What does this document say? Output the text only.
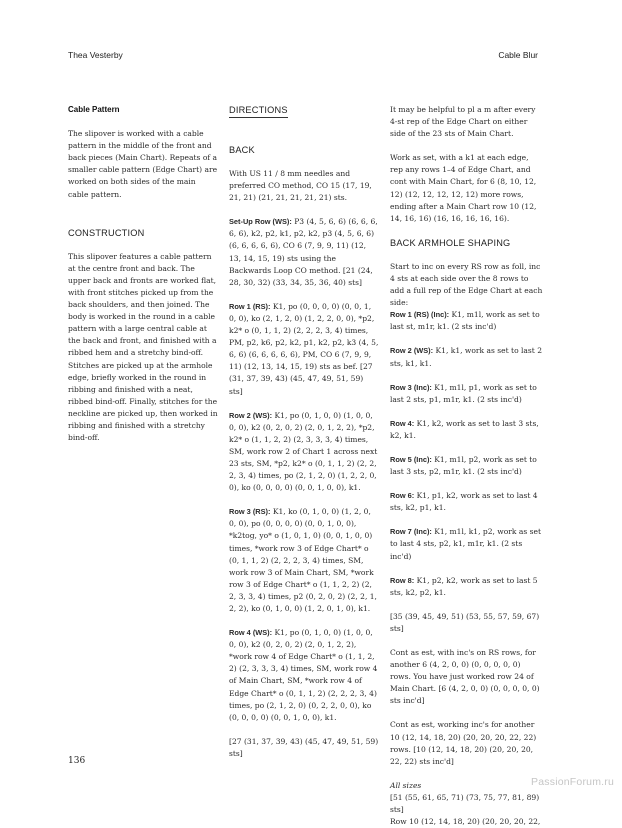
Thea Vesterby	Cable Blur

Cable Pattern

The slipover is worked with a cable pattern in the middle of the front and back pieces (Main Chart). Repeats of a smaller cable pattern (Edge Chart) are worked on both sides of the main cable pattern.

CONSTRUCTION

This slipover features a cable pattern at the centre front and back. The upper back and fronts are worked flat, with front stitches picked up from the back shoulders, and then joined. The body is worked in the round in a cable pattern with a large central cable at the back and front, and finished with a ribbed hem and a stretchy bind-off. Stitches are picked up at the armhole edge, briefly worked in the round in ribbing and finished with a neat, ribbed bind-off. Finally, stitches for the neckline are picked up, then worked in ribbing and finished with a stretchy bind-off.

DIRECTIONS
BACK

With US 11 / 8 mm needles and preferred CO method, CO 15 (17, 19, 21, 21) (21, 21, 21, 21, 21) sts.

Set-Up Row (WS): P3 (4, 5, 6, 6) (6, 6, 6, 6, 6), k2, p2, k1, p2, k2, p3 (4, 5, 6, 6) (6, 6, 6, 6, 6), CO 6 (7, 9, 9, 11) (12, 13, 14, 15, 19) sts using the Backwards Loop CO method. [21 (24, 28, 30, 32) (33, 34, 35, 36, 40) sts]

Row 1 (RS): K1, po (0, 0, 0, 0) (0, 0, 1, 0, 0), ko (2, 1, 2, 0) (1, 2, 2, 0, 0), *p2, k2* o (0, 1, 1, 2) (2, 2, 2, 3, 4) times, PM, p2, k6, p2, k2, p1, k2, p2, k3 (4, 5, 6, 6) (6, 6, 6, 6, 6), PM, CO 6 (7, 9, 9, 11) (12, 13, 14, 15, 19) sts as bef. [27 (31, 37, 39, 43) (45, 47, 49, 51, 59) sts]

Row 2 (WS): K1, po (0, 1, 0, 0) (1, 0, 0, 0, 0), k2 (0, 2, 0, 2) (2, 0, 1, 2, 2), *p2, k2* o (1, 1, 2, 2) (2, 3, 3, 3, 4) times, SM, work row 2 of Chart 1 across next 23 sts, SM, *p2, k2* o (0, 1, 1, 2) (2, 2, 2, 3, 4) times, po (2, 1, 2, 0) (1, 2, 2, 0, 0), ko (0, 0, 0, 0) (0, 0, 1, 0, 0), k1.

Row 3 (RS): K1, ko (0, 1, 0, 0) (1, 2, 0, 0, 0), po (0, 0, 0, 0) (0, 0, 1, 0, 0), *k2tog, yo* o (1, 0, 1, 0) (0, 0, 1, 0, 0) times, *work row 3 of Edge Chart* o (0, 1, 1, 2) (2, 2, 2, 3, 4) times, SM, work row 3 of Main Chart, SM, *work row 3 of Edge Chart* o (1, 1, 2, 2) (2, 2, 3, 3, 4) times, p2 (0, 2, 0, 2) (2, 2, 1, 2, 2), ko (0, 1, 0, 0) (1, 2, 0, 1, 0), k1.

Row 4 (WS): K1, po (0, 1, 0, 0) (1, 0, 0, 0, 0), k2 (0, 2, 0, 2) (2, 0, 1, 2, 2), *work row 4 of Edge Chart* o (1, 1, 2, 2) (2, 3, 3, 3, 4) times, SM, work row 4 of Main Chart, SM, *work row 4 of Edge Chart* o (0, 1, 1, 2) (2, 2, 2, 3, 4) times, po (2, 1, 2, 0) (0, 2, 2, 0, 0), ko (0, 0, 0, 0) (0, 0, 1, 0, 0), k1.

[27 (31, 37, 39, 43) (45, 47, 49, 51, 59) sts]

It may be helpful to pl a m after every 4-st rep of the Edge Chart on either side of the 23 sts of Main Chart.

Work as set, with a k1 at each edge, rep any rows 1–4 of Edge Chart, and cont with Main Chart, for 6 (8, 10, 12, 12) (12, 12, 12, 12, 12) more rows, ending after a Main Chart row 10 (12, 14, 16, 16) (16, 16, 16, 16, 16).

BACK ARMHOLE SHAPING

Start to inc on every RS row as foll, inc 4 sts at each side over the 8 rows to add a full rep of the Edge Chart at each side:

Row 1 (RS) (Inc): K1, m1l, work as set to last st, m1r, k1. (2 sts inc'd)

Row 2 (WS): K1, k1, work as set to last 2 sts, k1, k1.

Row 3 (Inc): K1, m1l, p1, work as set to last 2 sts, p1, m1r, k1. (2 sts inc'd)

Row 4: K1, k2, work as set to last 3 sts, k2, k1.

Row 5 (Inc): K1, m1l, p2, work as set to last 3 sts, p2, m1r, k1. (2 sts inc'd)

Row 6: K1, p1, k2, work as set to last 4 sts, k2, p1, k1.

Row 7 (Inc): K1, m1l, k1, p2, work as set to last 4 sts, p2, k1, m1r, k1. (2 sts inc'd)

Row 8: K1, p2, k2, work as set to last 5 sts, k2, p2, k1.

[35 (39, 45, 49, 51) (53, 55, 57, 59, 67) sts]

Cont as est, with inc's on RS rows, for another 6 (4, 2, 0, 0) (0, 0, 0, 0, 0) rows. You have just worked row 24 of Main Chart. [6 (4, 2, 0, 0) (0, 0, 0, 0, 0) sts inc'd]

Cont as est, working inc's for another 10 (12, 14, 18, 20) (20, 20, 20, 22, 22) rows. [10 (12, 14, 18, 20) (20, 20, 20, 22, 22) sts inc'd]

All sizes

[51 (55, 61, 65, 71) (73, 75, 77, 81, 89) sts]

Row 10 (12, 14, 18, 20) (20, 20, 20, 22,

136
PassionForum.ru
